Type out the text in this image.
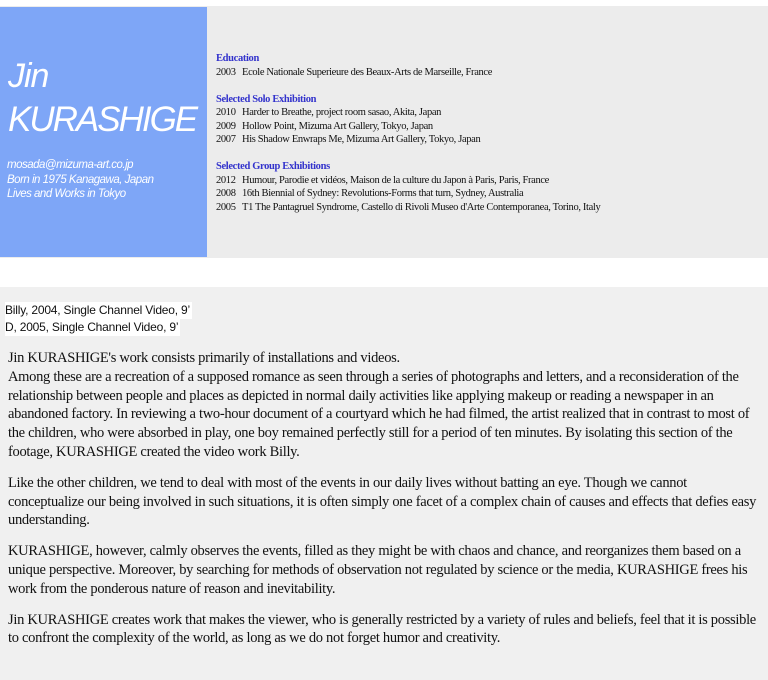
Jin
KURASHIGE
mosada@mizuma-art.co.jp
Born in 1975 Kanagawa, Japan
Lives and Works in Tokyo
Education
2003 Ecole Nationale Superieure des Beaux-Arts de Marseille, France
Selected Solo Exhibition
2010 Harder to Breathe, project room sasao, Akita, Japan
2009 Hollow Point, Mizuma Art Gallery, Tokyo, Japan
2007 His Shadow Enwraps Me, Mizuma Art Gallery, Tokyo, Japan
Selected Group Exhibitions
2012 Humour, Parodie et vidéos, Maison de la culture du Japon à Paris, Paris, France
2008 16th Biennial of Sydney: Revolutions-Forms that turn, Sydney, Australia
2005 T1 The Pantagruel Syndrome, Castello di Rivoli Museo d'Arte Contemporanea, Torino, Italy
Billy, 2004, Single Channel Video, 9’
D, 2005, Single Channel Video, 9’

Jin KURASHIGE's work consists primarily of installations and videos.
Among these are a recreation of a supposed romance as seen through a series of photographs and letters, and a reconsideration of the relationship between people and places as depicted in normal daily activities like applying makeup or reading a newspaper in an abandoned factory. In reviewing a two-hour document of a courtyard which he had filmed, the artist realized that in contrast to most of the children, who were absorbed in play, one boy remained perfectly still for a period of ten minutes. By isolating this section of the footage, KURASHIGE created the video work Billy.

Like the other children, we tend to deal with most of the events in our daily lives without batting an eye. Though we cannot conceptualize our being involved in such situations, it is often simply one facet of a complex chain of causes and effects that defies easy understanding.

KURASHIGE, however, calmly observes the events, filled as they might be with chaos and chance, and reorganizes them based on a unique perspective. Moreover, by searching for methods of observation not regulated by science or the media, KURASHIGE frees his work from the ponderous nature of reason and inevitability.

Jin KURASHIGE creates work that makes the viewer, who is generally restricted by a variety of rules and beliefs, feel that it is possible to confront the complexity of the world, as long as we do not forget humor and creativity.
